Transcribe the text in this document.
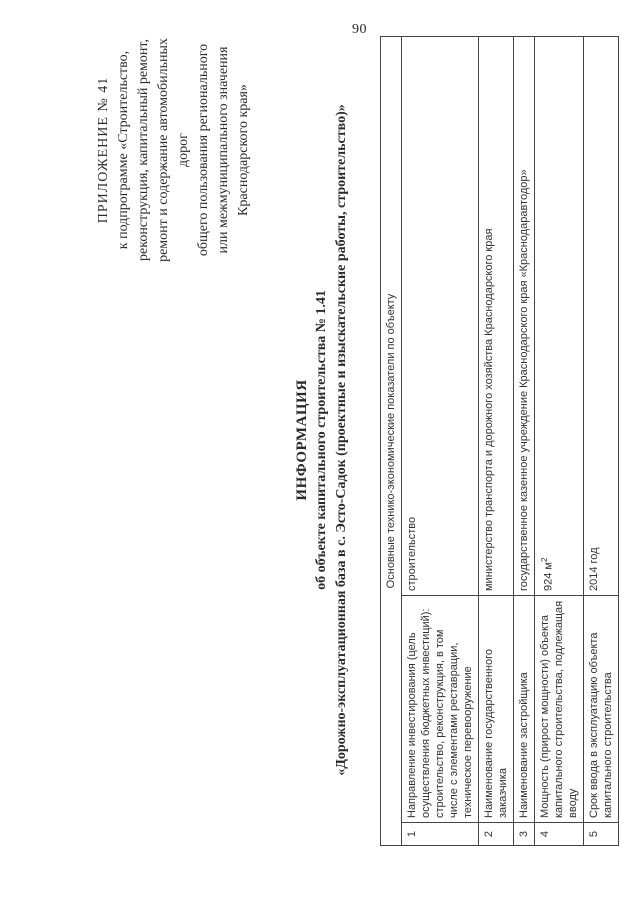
90
ПРИЛОЖЕНИЕ № 41 к подпрограмме «Строительство, реконструкция, капитальный ремонт, ремонт и содержание автомобильных дорог общего пользования регионального или межмуниципального значения Краснодарского края»
ИНФОРМАЦИЯ об объекте капитального строительства № 1.41 «Дорожно-эксплуатационная база в с. Эсто-Садок (проектные и изыскательские работы, строительство)»	Основные технико-экономические показатели по объекту		
1	Направление инвестирования (цель осуществления бюджетных инвестиций): строительство, реконструкция, в том числе с элементами реставрации, техническое перевооружение	строительство
2	Наименование государственного заказчика	министерство транспорта и дорожного хозяйства Краснодарского края
3	Наименование застройщика	государственное казенное учреждение Краснодарского края «Краснодаравтодор»
4	Мощность (прирост мощности) объекта капитального строительства, подлежащая вводу	924 $м^2$
5	Срок ввода в эксплуатацию объекта капитального строительства	2014 год
